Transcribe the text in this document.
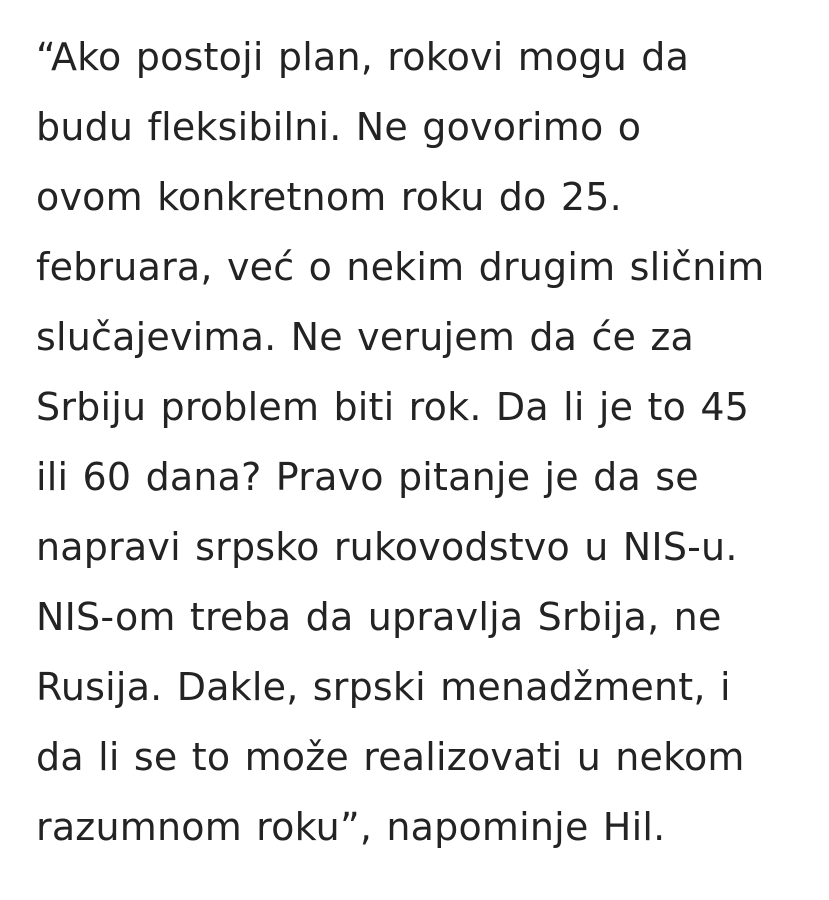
“Ako postoji plan, rokovi mogu da
budu fleksibilni. Ne govorimo o
ovom konkretnom roku do 25.
februara, već o nekim drugim sličnim
slučajevima. Ne verujem da će za
Srbiju problem biti rok. Da li je to 45
ili 60 dana? Pravo pitanje je da se
napravi srpsko rukovodstvo u NIS-u.
NIS-om treba da upravlja Srbija, ne
Rusija. Dakle, srpski menadžment, i
da li se to može realizovati u nekom
razumnom roku”, napominje Hil.
